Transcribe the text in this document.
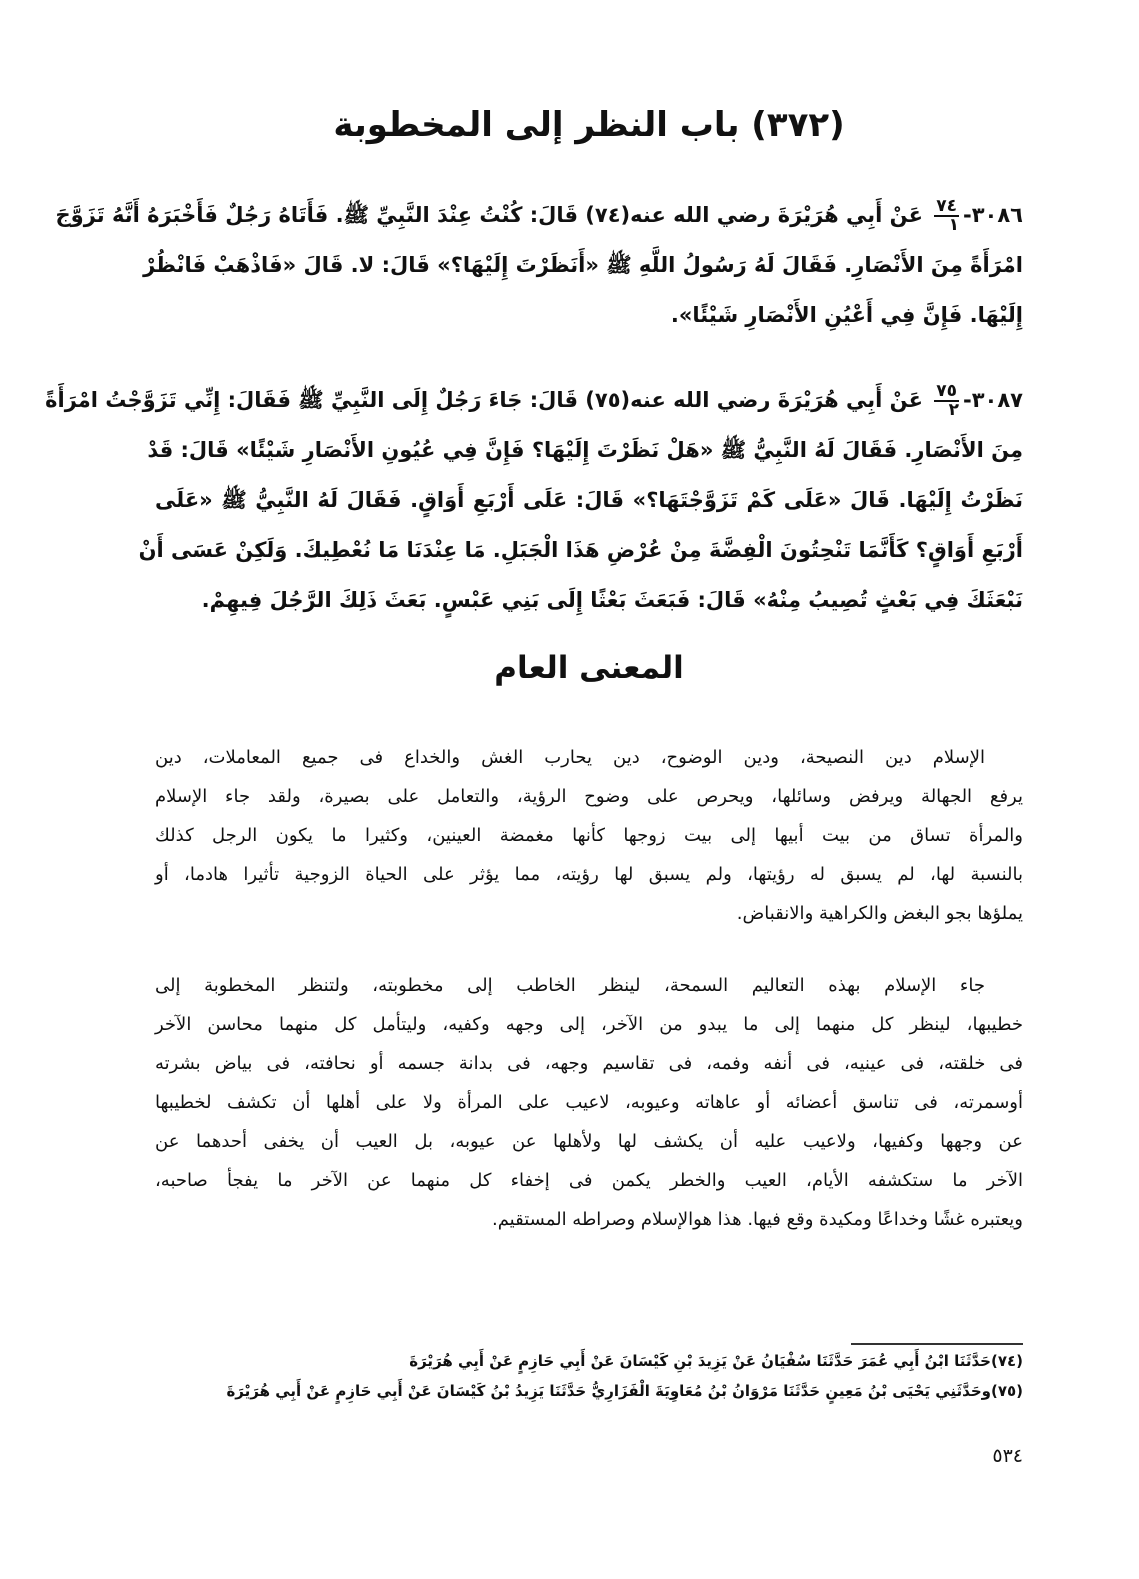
(٣٧٢) باب النظر إلى المخطوبة
٣٠٨٦-
$\frac{٧٤}{١}$
عَنْ أَبِي هُرَيْرَةَ رضي الله عنه(٧٤) قَالَ: كُنْتُ عِنْدَ النَّبِيِّ ﷺ. فَأَتَاهُ رَجُلٌ فَأَخْبَرَهُ أَنَّهُ تَزَوَّجَ
امْرَأَةً مِنَ الأَنْصَارِ. فَقَالَ لَهُ رَسُولُ اللَّهِ ﷺ «أَنَظَرْتَ إِلَيْهَا؟» قَالَ: لا. قَالَ «فَاذْهَبْ فَانْظُرْ
إِلَيْهَا. فَإِنَّ فِي أَعْيُنِ الأَنْصَارِ شَيْئًا».
٣٠٨٧-
$\frac{٧٥}{٢}$
عَنْ أَبِي هُرَيْرَةَ رضي الله عنه(٧٥) قَالَ: جَاءَ رَجُلٌ إِلَى النَّبِيِّ ﷺ فَقَالَ: إِنِّي تَزَوَّجْتُ امْرَأَةً
مِنَ الأَنْصَارِ. فَقَالَ لَهُ النَّبِيُّ ﷺ «هَلْ نَظَرْتَ إِلَيْهَا؟ فَإِنَّ فِي عُيُونِ الأَنْصَارِ شَيْئًا» قَالَ: قَدْ
نَظَرْتُ إِلَيْهَا. قَالَ «عَلَى كَمْ تَزَوَّجْتَهَا؟» قَالَ: عَلَى أَرْبَعِ أَوَاقٍ. فَقَالَ لَهُ النَّبِيُّ ﷺ «عَلَى
أَرْبَعِ أَوَاقٍ؟ كَأَنَّمَا تَنْحِتُونَ الْفِضَّةَ مِنْ عُرْضِ هَذَا الْجَبَلِ. مَا عِنْدَنَا مَا نُعْطِيكَ. وَلَكِنْ عَسَى أَنْ
نَبْعَثَكَ فِي بَعْثٍ تُصِيبُ مِنْهُ» قَالَ: فَبَعَثَ بَعْثًا إِلَى بَنِي عَبْسٍ. بَعَثَ ذَلِكَ الرَّجُلَ فِيهِمْ.
المعنى العام
الإسلام دين النصيحة، ودين الوضوح، دين يحارب الغش والخداع فى جميع المعاملات، دين
يرفع الجهالة ويرفض وسائلها، ويحرص على وضوح الرؤية، والتعامل على بصيرة، ولقد جاء الإسلام
والمرأة تساق من بيت أبيها إلى بيت زوجها كأنها مغمضة العينين، وكثيرا ما يكون الرجل كذلك
بالنسبة لها، لم يسبق له رؤيتها، ولم يسبق لها رؤيته، مما يؤثر على الحياة الزوجية تأثيرا هادما، أو
يملؤها بجو البغض والكراهية والانقباض.
جاء الإسلام بهذه التعاليم السمحة، لينظر الخاطب إلى مخطوبته، ولتنظر المخطوبة إلى
خطيبها، لينظر كل منهما إلى ما يبدو من الآخر، إلى وجهه وكفيه، وليتأمل كل منهما محاسن الآخر
فى خلقته، فى عينيه، فى أنفه وفمه، فى تقاسيم وجهه، فى بدانة جسمه أو نحافته، فى بياض بشرته
أوسمرته، فى تناسق أعضائه أو عاهاته وعيوبه، لاعيب على المرأة ولا على أهلها أن تكشف لخطيبها
عن وجهها وكفيها، ولاعيب عليه أن يكشف لها ولأهلها عن عيوبه، بل العيب أن يخفى أحدهما عن
الآخر ما ستكشفه الأيام، العيب والخطر يكمن فى إخفاء كل منهما عن الآخر ما يفجأ صاحبه،
ويعتبره غشًا وخداعًا ومكيدة وقع فيها. هذا هوالإسلام وصراطه المستقيم.
(٧٤)حَدَّثَنَا ابْنُ أَبِي عُمَرَ حَدَّثَنَا سُفْيَانُ عَنْ يَزِيدَ بْنِ كَيْسَانَ عَنْ أَبِي حَازِمٍ عَنْ أَبِي هُرَيْرَةَ
(٧٥)وحَدَّثَنِي يَحْيَى بْنُ مَعِينٍ حَدَّثَنَا مَرْوَانُ بْنُ مُعَاوِيَةَ الْفَزَارِيُّ حَدَّثَنَا يَزِيدُ بْنُ كَيْسَانَ عَنْ أَبِي حَازِمٍ عَنْ أَبِي هُرَيْرَةَ
٥٣٤
